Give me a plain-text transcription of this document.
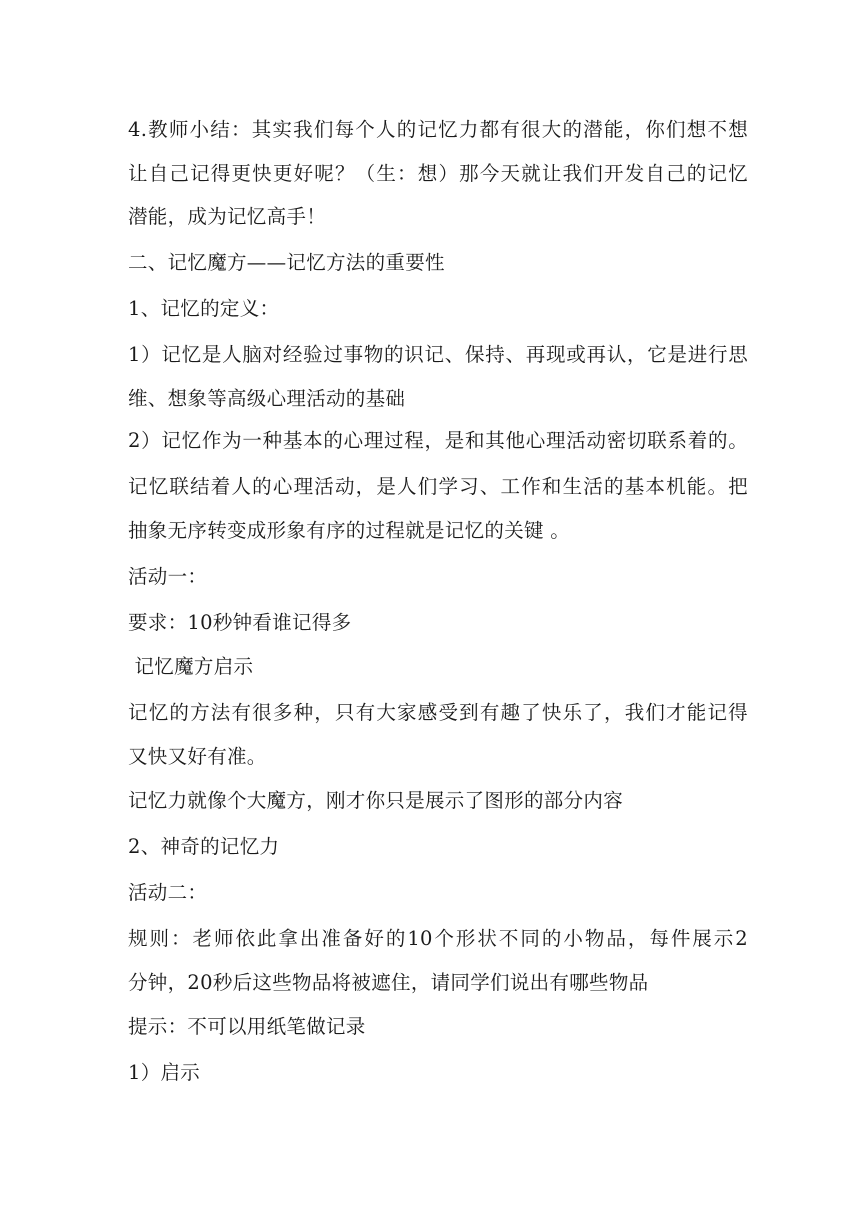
4.教师小结：其实我们每个人的记忆力都有很大的潜能，你们想不想
让自己记得更快更好呢？（生：想）那今天就让我们开发自己的记忆
潜能，成为记忆高手！
二、记忆魔方——记忆方法的重要性
1、记忆的定义：
1）记忆是人脑对经验过事物的识记、保持、再现或再认，它是进行思
维、想象等高级心理活动的基础
2）记忆作为一种基本的心理过程，是和其他心理活动密切联系着的。
记忆联结着人的心理活动，是人们学习、工作和生活的基本机能。把
抽象无序转变成形象有序的过程就是记忆的关键 。
活动一：
要求：10秒钟看谁记得多
记忆魔方启示
记忆的方法有很多种，只有大家感受到有趣了快乐了，我们才能记得
又快又好有准。
记忆力就像个大魔方，刚才你只是展示了图形的部分内容
2、神奇的记忆力
活动二：
规则：老师依此拿出准备好的10个形状不同的小物品，每件展示2
分钟，20秒后这些物品将被遮住，请同学们说出有哪些物品
提示：不可以用纸笔做记录
1）启示
